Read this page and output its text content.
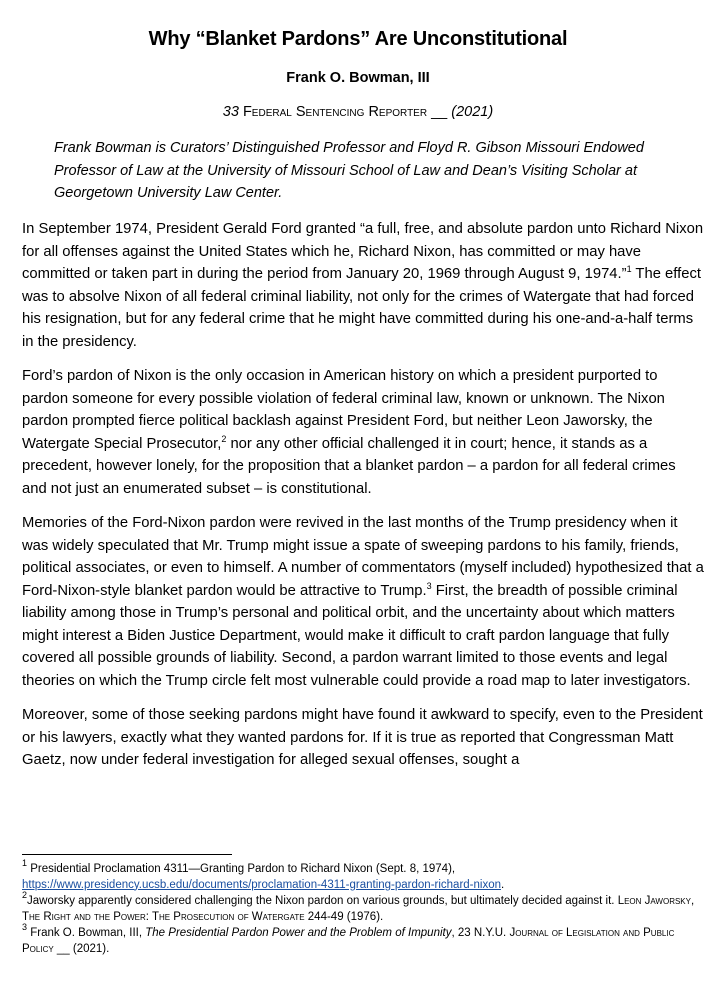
Why “Blanket Pardons” Are Unconstitutional
Frank O. Bowman, III
33 Federal Sentencing Reporter __ (2021)
Frank Bowman is Curators’ Distinguished Professor and Floyd R. Gibson Missouri Endowed Professor of Law at the University of Missouri School of Law and Dean’s Visiting Scholar at Georgetown University Law Center.

In September 1974, President Gerald Ford granted “a full, free, and absolute pardon unto Richard Nixon for all offenses against the United States which he, Richard Nixon, has committed or may have committed or taken part in during the period from January 20, 1969 through August 9, 1974.”$^1$ The effect was to absolve Nixon of all federal criminal liability, not only for the crimes of Watergate that had forced his resignation, but for any federal crime that he might have committed during his one-and-a-half terms in the presidency.

Ford’s pardon of Nixon is the only occasion in American history on which a president purported to pardon someone for every possible violation of federal criminal law, known or unknown. The Nixon pardon prompted fierce political backlash against President Ford, but neither Leon Jaworsky, the Watergate Special Prosecutor,$^2$ nor any other official challenged it in court; hence, it stands as a precedent, however lonely, for the proposition that a blanket pardon – a pardon for all federal crimes and not just an enumerated subset – is constitutional.

Memories of the Ford-Nixon pardon were revived in the last months of the Trump presidency when it was widely speculated that Mr. Trump might issue a spate of sweeping pardons to his family, friends, political associates, or even to himself. A number of commentators (myself included) hypothesized that a Ford-Nixon-style blanket pardon would be attractive to Trump.$^3$ First, the breadth of possible criminal liability among those in Trump’s personal and political orbit, and the uncertainty about which matters might interest a Biden Justice Department, would make it difficult to craft pardon language that fully covered all possible grounds of liability. Second, a pardon warrant limited to those events and legal theories on which the Trump circle felt most vulnerable could provide a road map to later investigators.

Moreover, some of those seeking pardons might have found it awkward to specify, even to the President or his lawyers, exactly what they wanted pardons for. If it is true as reported that Congressman Matt Gaetz, now under federal investigation for alleged sexual offenses, sought a

$^1$ Presidential Proclamation 4311—Granting Pardon to Richard Nixon (Sept. 8, 1974),
https://www.presidency.ucsb.edu/documents/proclamation-4311-granting-pardon-richard-nixon.
$^2$Jaworsky apparently considered challenging the Nixon pardon on various grounds, but ultimately decided against it. Leon Jaworsky, The Right and the Power: The Prosecution of Watergate 244-49 (1976).
$^3$ Frank O. Bowman, III, The Presidential Pardon Power and the Problem of Impunity, 23 N.Y.U. Journal of Legislation and Public Policy __ (2021).
